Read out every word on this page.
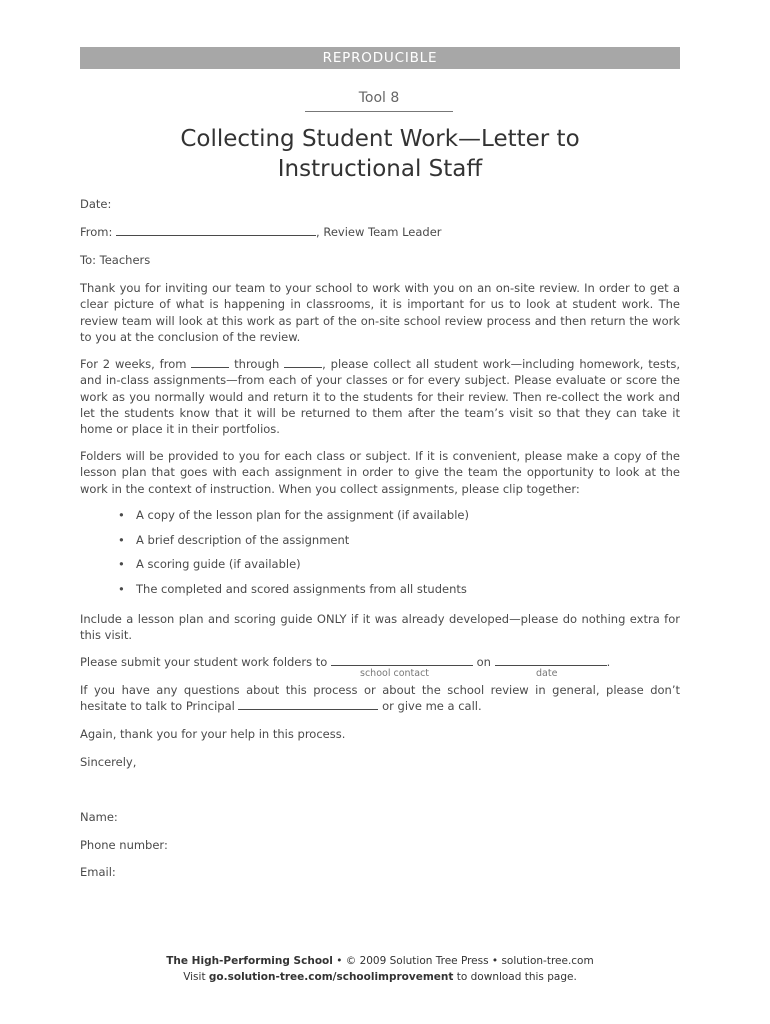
REPRODUCIBLE
Tool 8
Collecting Student Work—Letter to
Instructional Staff
Date:
From:	, Review Team Leader
To: Teachers
Thank you for inviting our team to your school to work with you on an on-site review. In order to get a clear picture of what is happening in classrooms, it is important for us to look at student work. The review team will look at this work as part of the on-site school review process and then return the work to you at the conclusion of the review.
For 2 weeks, from	through	, please collect all student work—including homework, tests, and in-class assignments—from each of your classes or for every subject. Please evaluate or score the work as you normally would and return it to the students for their review. Then re-collect the work and let the students know that it will be returned to them after the team’s visit so that they can take it home or place it in their portfolios.
Folders will be provided to you for each class or subject. If it is convenient, please make a copy of the lesson plan that goes with each assignment in order to give the team the opportunity to look at the work in the context of instruction. When you collect assignments, please clip together:
• A copy of the lesson plan for the assignment (if available)
• A brief description of the assignment
• A scoring guide (if available)
• The completed and scored assignments from all students
Include a lesson plan and scoring guide ONLY if it was already developed—please do nothing extra for this visit.
Please submit your student work folders to	on	.
school contact	date
If you have any questions about this process or about the school review in general, please don’t hesitate to talk to Principal	or give me a call.
Again, thank you for your help in this process.
Sincerely,
Name:
Phone number:
Email:
The High-Performing School • © 2009 Solution Tree Press • solution-tree.com
Visit go.solution-tree.com/schoolimprovement to download this page.
